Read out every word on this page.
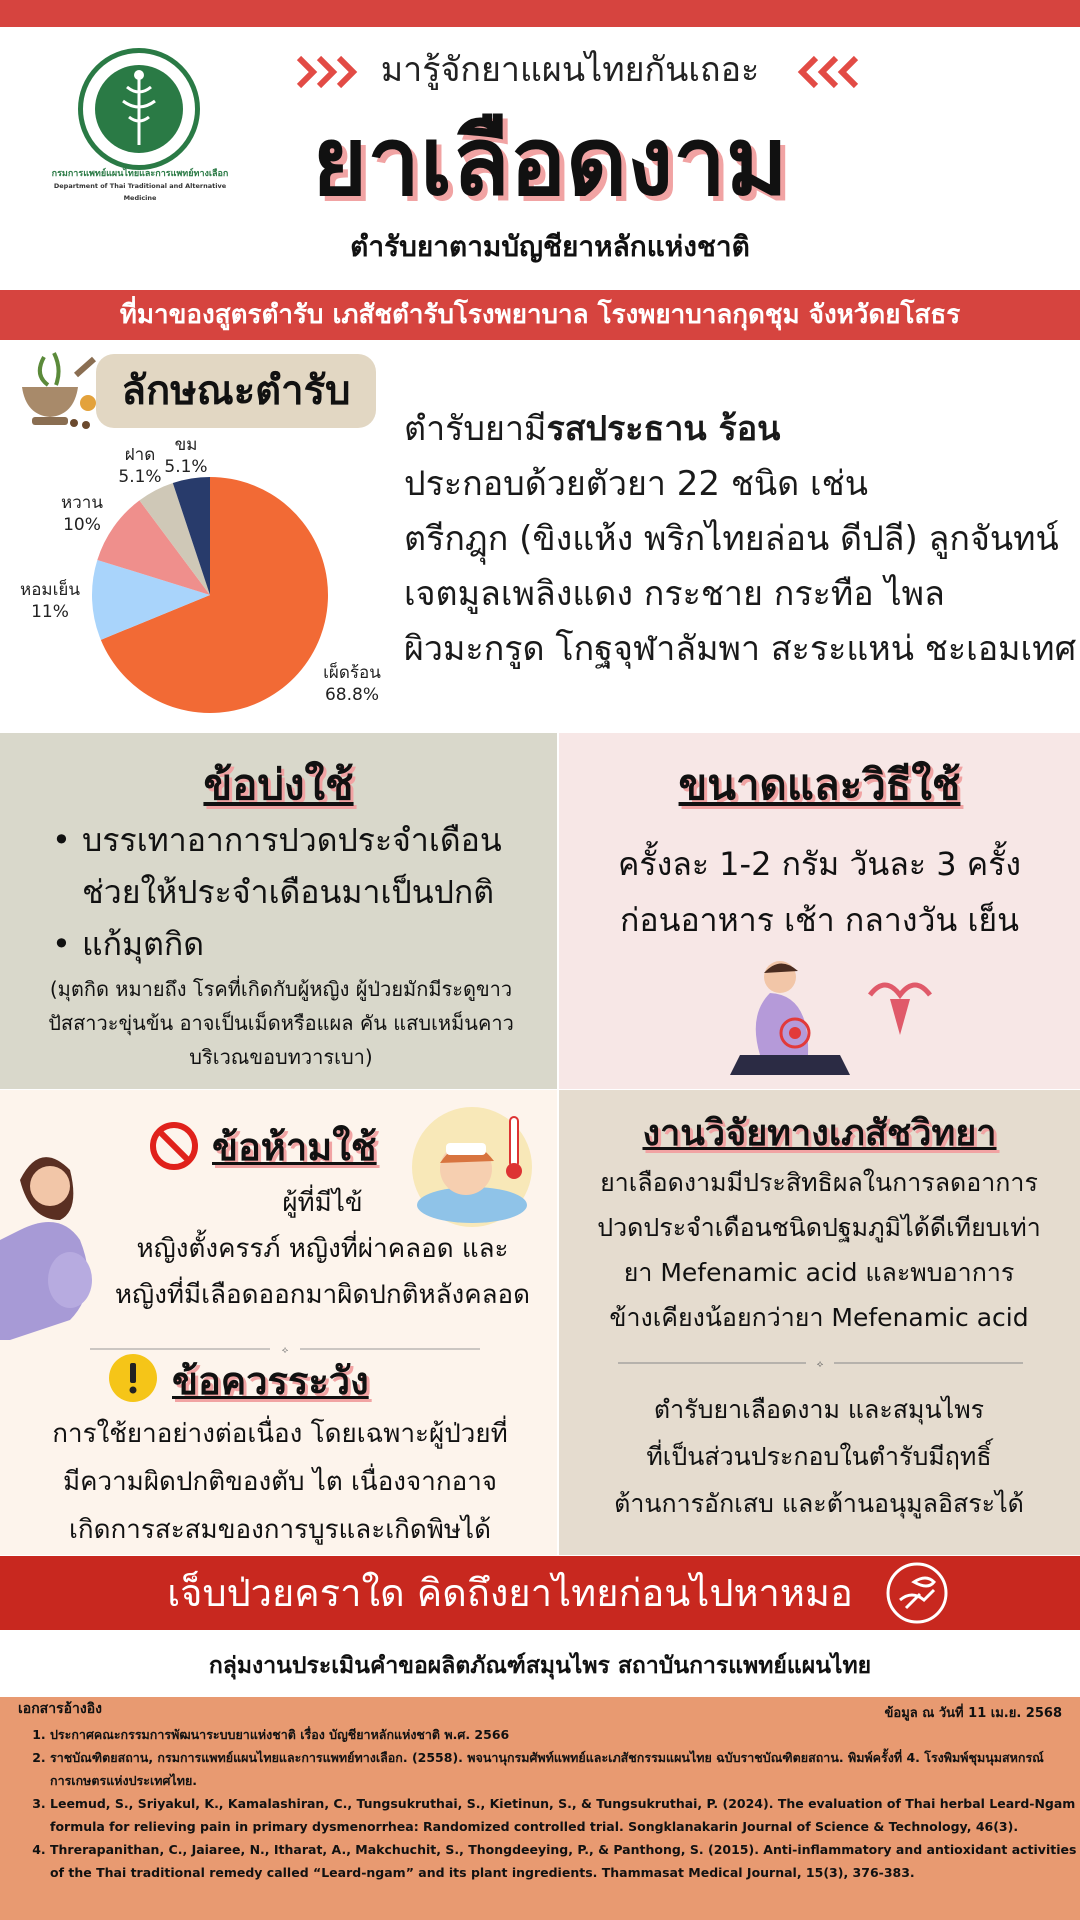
กรมการแพทย์แผนไทยและการแพทย์ทางเลือก
Department of Thai Traditional and Alternative Medicine
มารู้จักยาแผนไทยกันเถอะ
ยาเลือดงาม
ตำรับยาตามบัญชียาหลักแห่งชาติ
ที่มาของสูตรตำรับ เภสัชตำรับโรงพยาบาล โรงพยาบาลกุดชุม จังหวัดยโสธร
ลักษณะตำรับ
เผ็ดร้อน
68.8%
หอมเย็น
11%
หวาน
10%
ฝาด
5.1%
ขม
5.1%
ตำรับยามีรสประธาน ร้อน
ประกอบด้วยตัวยา 22 ชนิด เช่น
ตรีกฎุก (ขิงแห้ง พริกไทยล่อน ดีปลี) ลูกจันทน์
เจตมูลเพลิงแดง กระชาย กระทือ ไพล
ผิวมะกรูด โกฐจุฬาลัมพา สะระแหน่ ชะเอมเทศ
ข้อบ่งใช้
• บรรเทาอาการปวดประจำเดือน ช่วยให้ประจำเดือนมาเป็นปกติ
• แก้มุตกิด
(มุตกิด หมายถึง โรคที่เกิดกับผู้หญิง ผู้ป่วยมักมีระดูขาว ปัสสาวะขุ่นข้น อาจเป็นเม็ดหรือแผล คัน แสบเหม็นคาว บริเวณขอบทวารเบา)
ขนาดและวิธีใช้
ครั้งละ 1-2 กรัม วันละ 3 ครั้ง
ก่อนอาหาร เช้า กลางวัน เย็น
ข้อห้ามใช้
ผู้ที่มีไข้
หญิงตั้งครรภ์ หญิงที่ผ่าคลอด และ
หญิงที่มีเลือดออกมาผิดปกติหลังคลอด
⟡
ข้อควรระวัง
การใช้ยาอย่างต่อเนื่อง โดยเฉพาะผู้ป่วยที่
มีความผิดปกติของตับ ไต เนื่องจากอาจ
เกิดการสะสมของการบูรและเกิดพิษได้
งานวิจัยทางเภสัชวิทยา
ยาเลือดงามมีประสิทธิผลในการลดอาการ
ปวดประจำเดือนชนิดปฐมภูมิได้ดีเทียบเท่า
ยา Mefenamic acid และพบอาการ
ข้างเคียงน้อยกว่ายา Mefenamic acid
⟡
ตำรับยาเลือดงาม และสมุนไพร
ที่เป็นส่วนประกอบในตำรับมีฤทธิ์
ต้านการอักเสบ และต้านอนุมูลอิสระได้
เจ็บป่วยคราใด คิดถึงยาไทยก่อนไปหาหมอ
กลุ่มงานประเมินคำขอผลิตภัณฑ์สมุนไพร สถาบันการแพทย์แผนไทย
เอกสารอ้างอิง	ข้อมูล ณ วันที่ 11 เม.ย. 2568
1. ประกาศคณะกรรมการพัฒนาระบบยาแห่งชาติ เรื่อง บัญชียาหลักแห่งชาติ พ.ศ. 2566
2. ราชบัณฑิตยสถาน, กรมการแพทย์แผนไทยและการแพทย์ทางเลือก. (2558). พจนานุกรมศัพท์แพทย์และเภสัชกรรมแผนไทย ฉบับราชบัณฑิตยสถาน. พิมพ์ครั้งที่ 4. โรงพิมพ์ชุมนุมสหกรณ์การเกษตรแห่งประเทศไทย.
3. Leemud, S., Sriyakul, K., Kamalashiran, C., Tungsukruthai, S., Kietinun, S., & Tungsukruthai, P. (2024). The evaluation of Thai herbal Leard-Ngam formula for relieving pain in primary dysmenorrhea: Randomized controlled trial. Songklanakarin Journal of Science & Technology, 46(3).
4. Threrapanithan, C., Jaiaree, N., Itharat, A., Makchuchit, S., Thongdeeying, P., & Panthong, S. (2015). Anti-inflammatory and antioxidant activities of the Thai traditional remedy called “Leard-ngam” and its plant ingredients. Thammasat Medical Journal, 15(3), 376-383.
